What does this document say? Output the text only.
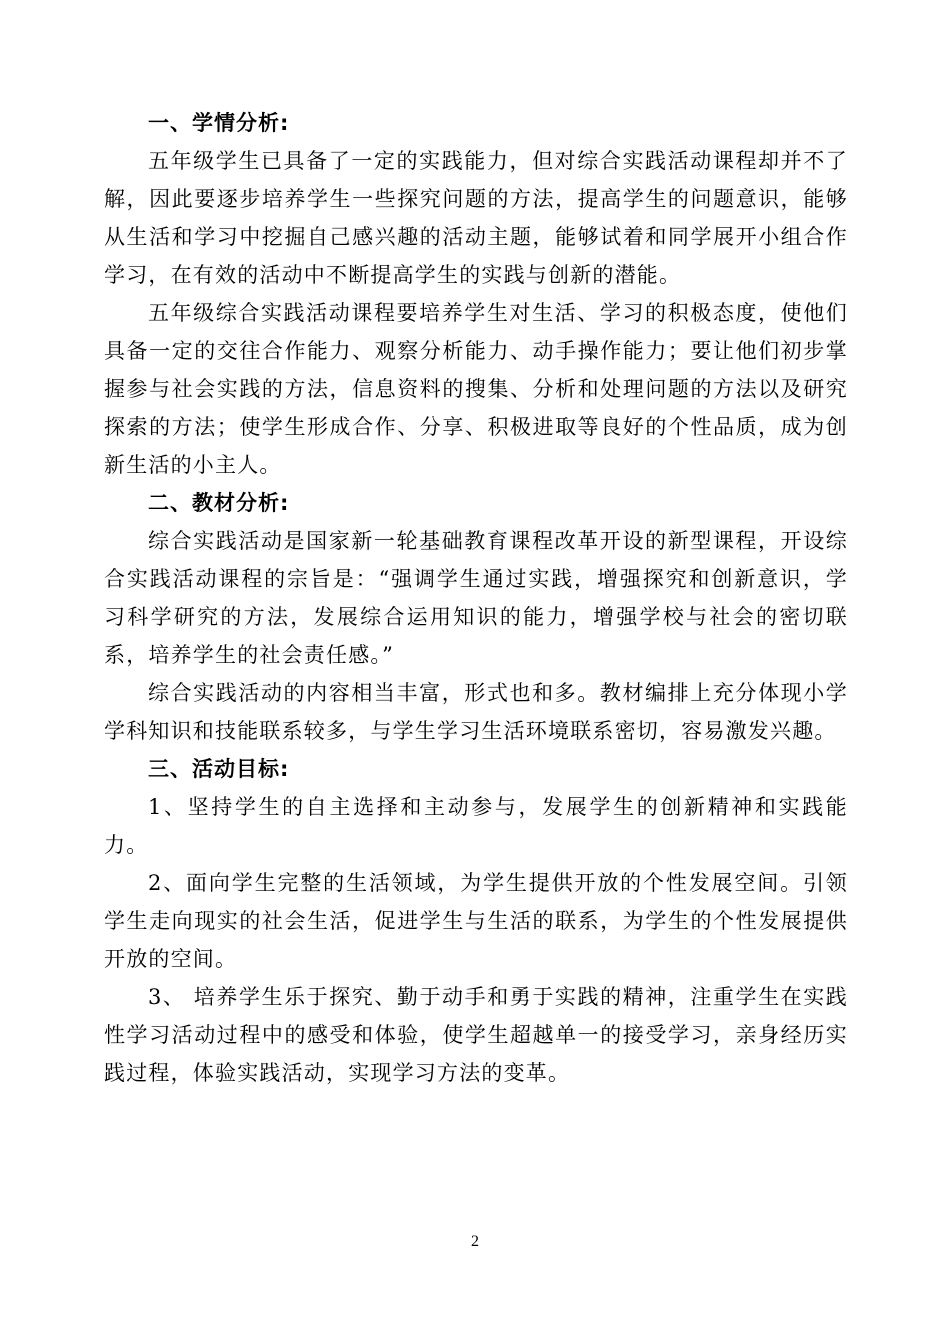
一、学情分析:

五年级学生已具备了一定的实践能力，但对综合实践活动课程却并不了解，因此要逐步培养学生一些探究问题的方法，提高学生的问题意识，能够从生活和学习中挖掘自己感兴趣的活动主题，能够试着和同学展开小组合作学习，在有效的活动中不断提高学生的实践与创新的潜能。

五年级综合实践活动课程要培养学生对生活、学习的积极态度，使他们具备一定的交往合作能力、观察分析能力、动手操作能力；要让他们初步掌握参与社会实践的方法，信息资料的搜集、分析和处理问题的方法以及研究探索的方法；使学生形成合作、分享、积极进取等良好的个性品质，成为创新生活的小主人。

二、教材分析:

综合实践活动是国家新一轮基础教育课程改革开设的新型课程，开设综合实践活动课程的宗旨是：“强调学生通过实践，增强探究和创新意识，学习科学研究的方法，发展综合运用知识的能力，增强学校与社会的密切联系，培养学生的社会责任感。”

综合实践活动的内容相当丰富，形式也和多。教材编排上充分体现小学学科知识和技能联系较多，与学生学习生活环境联系密切，容易激发兴趣。

三、活动目标:

1、坚持学生的自主选择和主动参与，发展学生的创新精神和实践能力。

2、面向学生完整的生活领域，为学生提供开放的个性发展空间。引领学生走向现实的社会生活，促进学生与生活的联系，为学生的个性发展提供开放的空间。

3、 培养学生乐于探究、勤于动手和勇于实践的精神，注重学生在实践性学习活动过程中的感受和体验，使学生超越单一的接受学习，亲身经历实践过程，体验实践活动，实现学习方法的变革。

2
